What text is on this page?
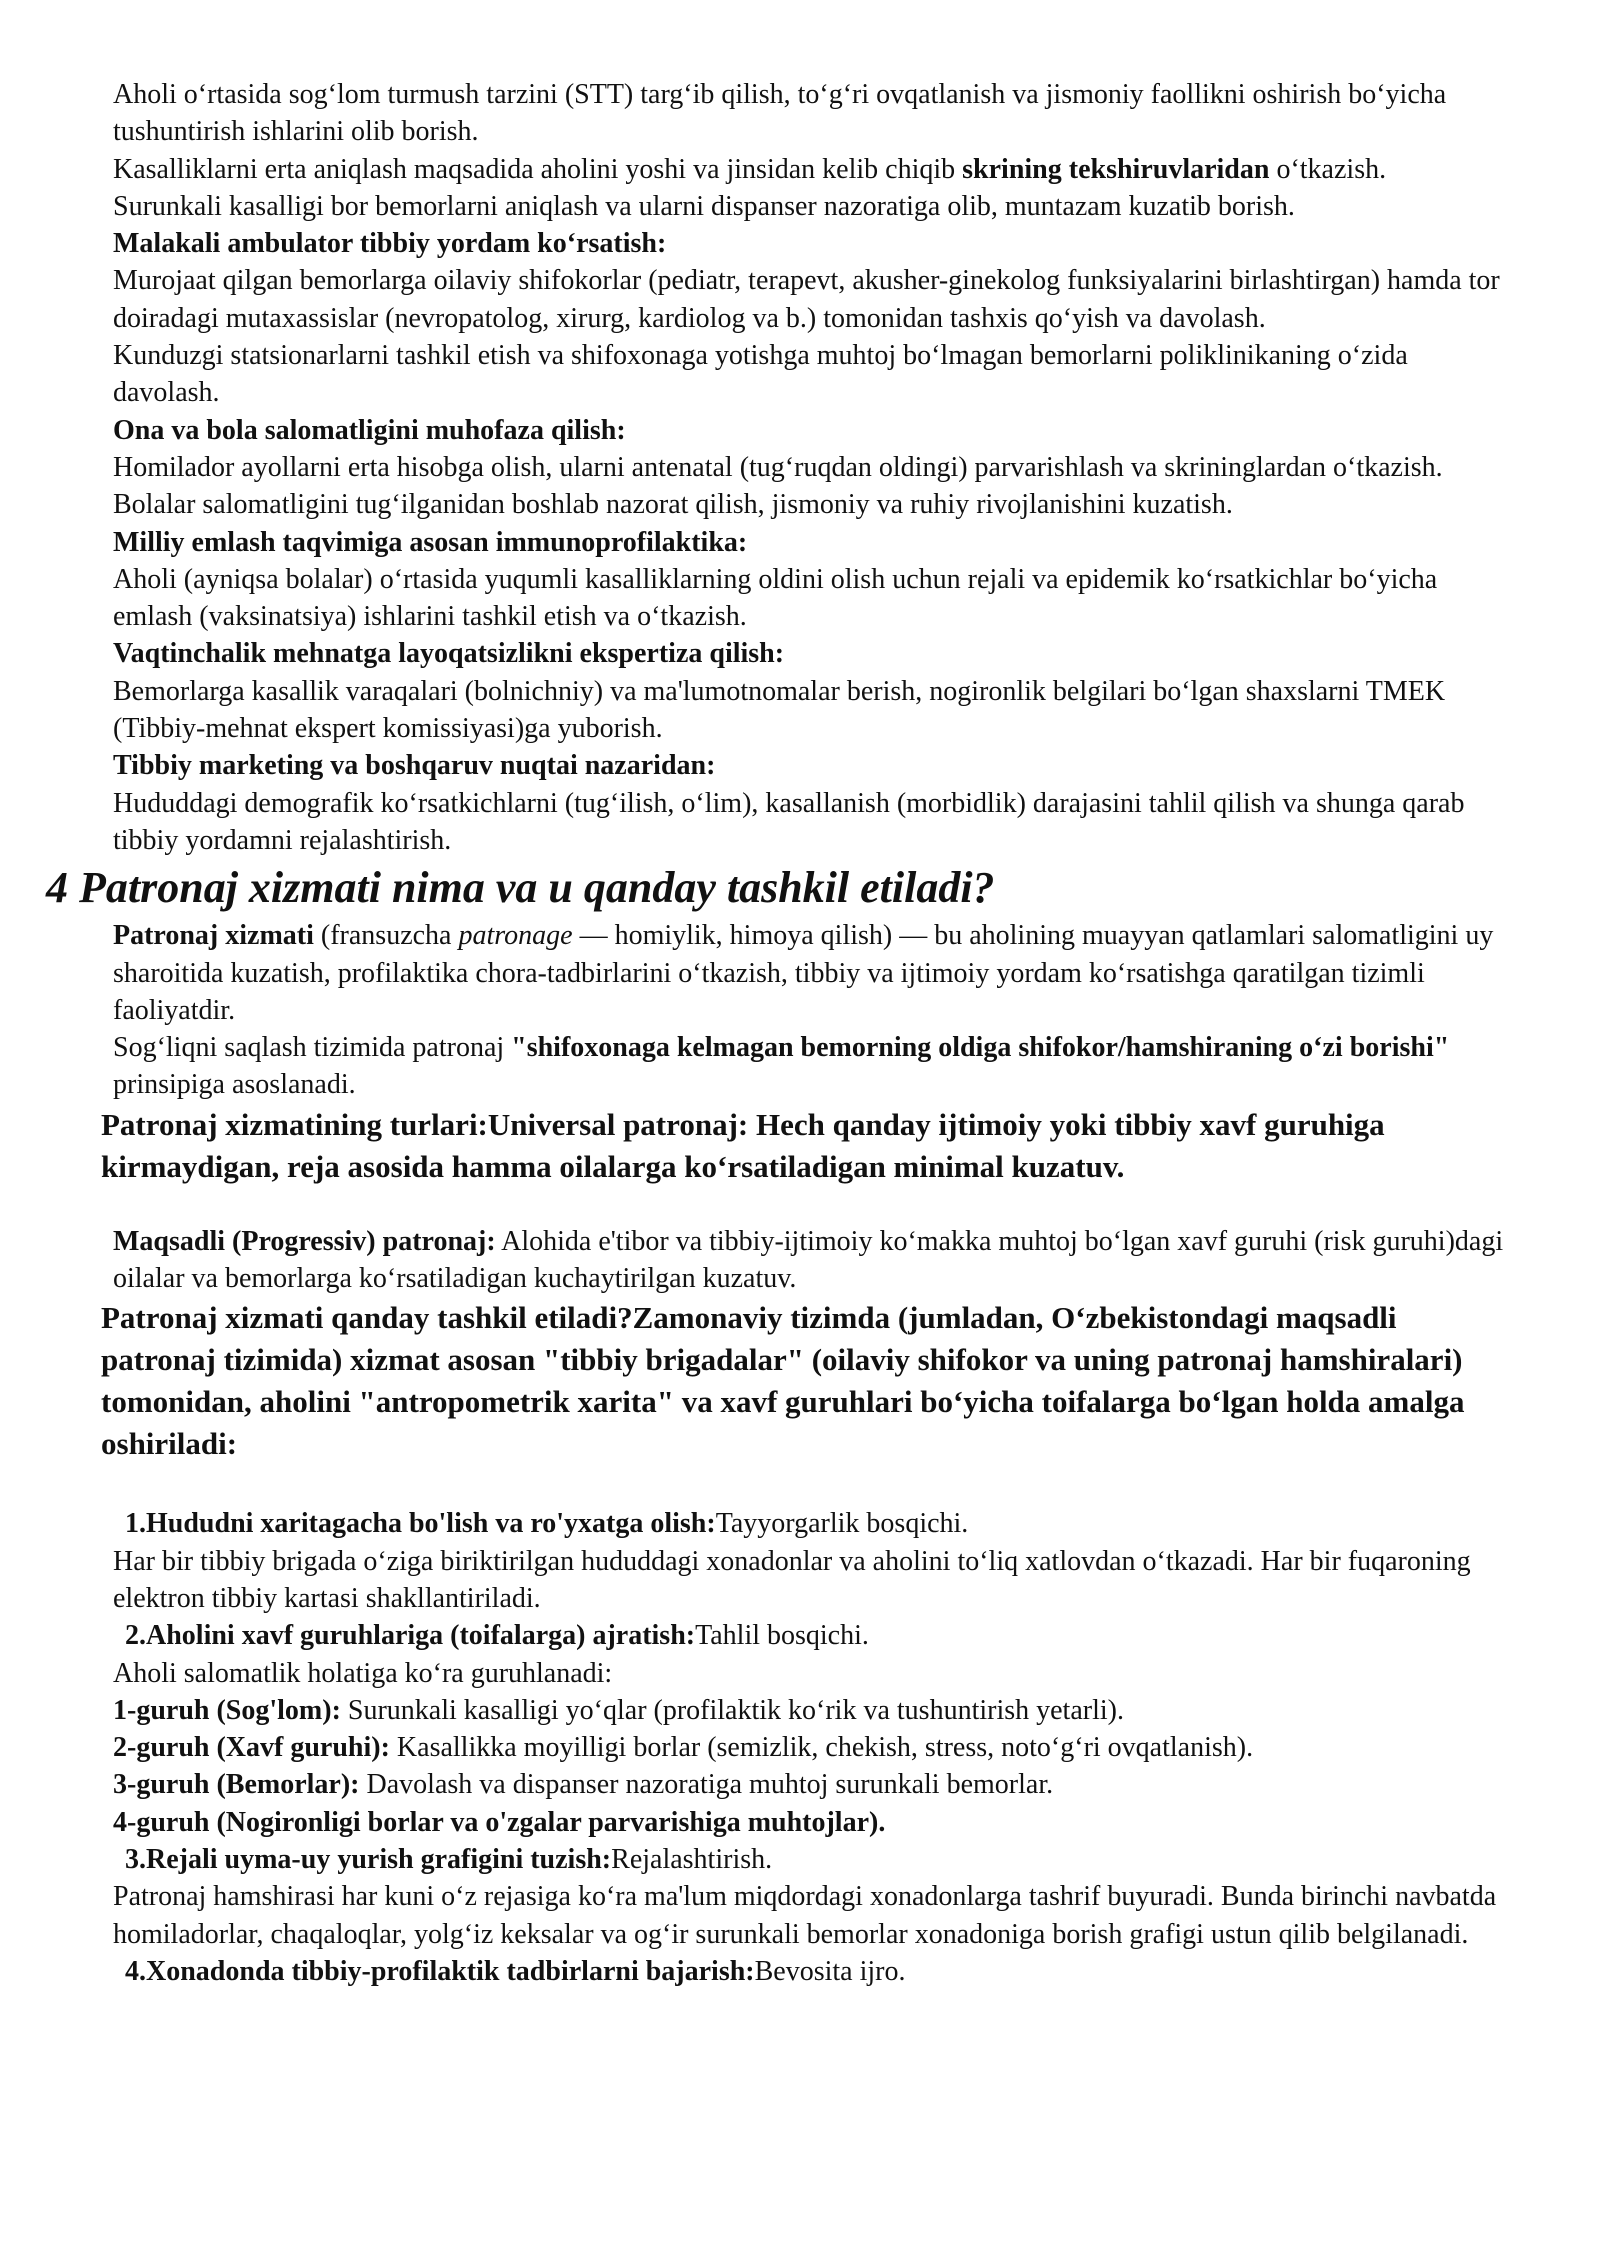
Aholi oʻrtasida sogʻlom turmush tarzini (STT) targʻib qilish, toʻgʻri ovqatlanish va jismoniy faollikni oshirish boʻyicha tushuntirish ishlarini olib borish.

Kasalliklarni erta aniqlash maqsadida aholini yoshi va jinsidan kelib chiqib skrining tekshiruvlaridan oʻtkazish.

Surunkali kasalligi bor bemorlarni aniqlash va ularni dispanser nazoratiga olib, muntazam kuzatib borish.

Malakali ambulator tibbiy yordam koʻrsatish:

Murojaat qilgan bemorlarga oilaviy shifokorlar (pediatr, terapevt, akusher-ginekolog funksiyalarini birlashtirgan) hamda tor doiradagi mutaxassislar (nevropatolog, xirurg, kardiolog va b.) tomonidan tashxis qoʻyish va davolash.

Kunduzgi statsionarlarni tashkil etish va shifoxonaga yotishga muhtoj boʻlmagan bemorlarni poliklinikaning oʻzida davolash.

Ona va bola salomatligini muhofaza qilish:

Homilador ayollarni erta hisobga olish, ularni antenatal (tugʻruqdan oldingi) parvarishlash va skrininglardan oʻtkazish.

Bolalar salomatligini tugʻilganidan boshlab nazorat qilish, jismoniy va ruhiy rivojlanishini kuzatish.

Milliy emlash taqvimiga asosan immunoprofilaktika:

Aholi (ayniqsa bolalar) oʻrtasida yuqumli kasalliklarning oldini olish uchun rejali va epidemik koʻrsatkichlar boʻyicha emlash (vaksinatsiya) ishlarini tashkil etish va oʻtkazish.

Vaqtinchalik mehnatga layoqatsizlikni ekspertiza qilish:

Bemorlarga kasallik varaqalari (bolnichniy) va ma'lumotnomalar berish, nogironlik belgilari boʻlgan shaxslarni TMEK (Tibbiy-mehnat ekspert komissiyasi)ga yuborish.

Tibbiy marketing va boshqaruv nuqtai nazaridan:

Hududdagi demografik koʻrsatkichlarni (tugʻilish, oʻlim), kasallanish (morbidlik) darajasini tahlil qilish va shunga qarab tibbiy yordamni rejalashtirish.

4 Patronaj xizmati nima va u qanday tashkil etiladi?

Patronaj xizmati (fransuzcha patronage — homiylik, himoya qilish) — bu aholining muayyan qatlamlari salomatligini uy sharoitida kuzatish, profilaktika chora-tadbirlarini oʻtkazish, tibbiy va ijtimoiy yordam koʻrsatishga qaratilgan tizimli faoliyatdir.

Sogʻliqni saqlash tizimida patronaj "shifoxonaga kelmagan bemorning oldiga shifokor/hamshiraning oʻzi borishi" prinsipiga asoslanadi.

Patronaj xizmatining turlari:Universal patronaj: Hech qanday ijtimoiy yoki tibbiy xavf guruhiga kirmaydigan, reja asosida hamma oilalarga koʻrsatiladigan minimal kuzatuv.

Maqsadli (Progressiv) patronaj: Alohida e'tibor va tibbiy-ijtimoiy koʻmakka muhtoj boʻlgan xavf guruhi (risk guruhi)dagi oilalar va bemorlarga koʻrsatiladigan kuchaytirilgan kuzatuv.

Patronaj xizmati qanday tashkil etiladi?Zamonaviy tizimda (jumladan, Oʻzbekistondagi maqsadli patronaj tizimida) xizmat asosan "tibbiy brigadalar" (oilaviy shifokor va uning patronaj hamshiralari) tomonidan, aholini "antropometrik xarita" va xavf guruhlari boʻyicha toifalarga boʻlgan holda amalga oshiriladi:

1.Hududni xaritagacha bo'lish va ro'yxatga olish:Tayyorgarlik bosqichi.

Har bir tibbiy brigada oʻziga biriktirilgan hududdagi xonadonlar va aholini toʻliq xatlovdan oʻtkazadi. Har bir fuqaroning elektron tibbiy kartasi shakllantiriladi.

2.Aholini xavf guruhlariga (toifalarga) ajratish:Tahlil bosqichi.

Aholi salomatlik holatiga koʻra guruhlanadi:

1-guruh (Sog'lom): Surunkali kasalligi yoʻqlar (profilaktik koʻrik va tushuntirish yetarli).

2-guruh (Xavf guruhi): Kasallikka moyilligi borlar (semizlik, chekish, stress, notoʻgʻri ovqatlanish).

3-guruh (Bemorlar): Davolash va dispanser nazoratiga muhtoj surunkali bemorlar.

4-guruh (Nogironligi borlar va o'zgalar parvarishiga muhtojlar).

3.Rejali uyma-uy yurish grafigini tuzish:Rejalashtirish.

Patronaj hamshirasi har kuni oʻz rejasiga koʻra ma'lum miqdordagi xonadonlarga tashrif buyuradi. Bunda birinchi navbatda homiladorlar, chaqaloqlar, yolgʻiz keksalar va ogʻir surunkali bemorlar xonadoniga borish grafigi ustun qilib belgilanadi.

4.Xonadonda tibbiy-profilaktik tadbirlarni bajarish:Bevosita ijro.
